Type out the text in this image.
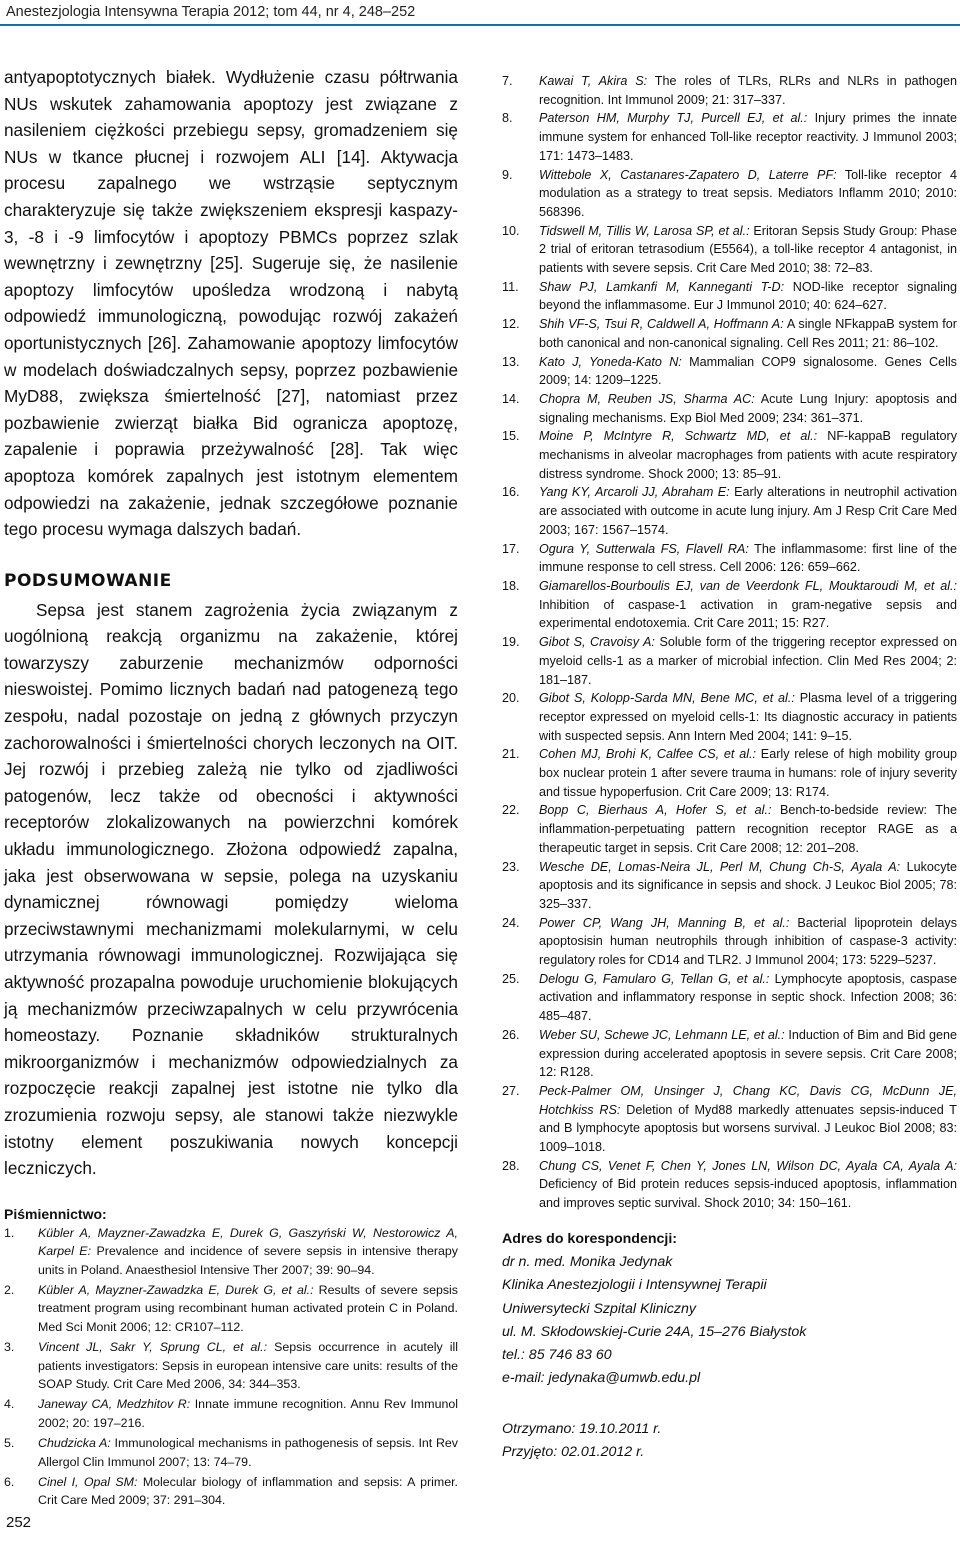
Anestezjologia Intensywna Terapia 2012; tom 44, nr 4, 248–252

antyapoptotycznych białek. Wydłużenie czasu półtrwania NUs wskutek zahamowania apoptozy jest związane z nasileniem ciężkości przebiegu sepsy, gromadzeniem się NUs w tkance płucnej i rozwojem ALI [14]. Aktywacja procesu zapalnego we wstrząsie septycznym charakteryzuje się także zwiększeniem ekspresji kaspazy-3, -8 i -9 limfocytów i apoptozy PBMCs poprzez szlak wewnętrzny i zewnętrzny [25]. Sugeruje się, że nasilenie apoptozy limfocytów upośledza wrodzoną i nabytą odpowiedź immunologiczną, powodując rozwój zakażeń oportunistycznych [26]. Zahamowanie apoptozy limfocytów w modelach doświadczalnych sepsy, poprzez pozbawienie MyD88, zwiększa śmiertelność [27], natomiast przez pozbawienie zwierząt białka Bid ogranicza apoptozę, zapalenie i poprawia przeżywalność [28]. Tak więc apoptoza komórek zapalnych jest istotnym elementem odpowiedzi na zakażenie, jednak szczegółowe poznanie tego procesu wymaga dalszych badań.

PODSUMOWANIE

Sepsa jest stanem zagrożenia życia związanym z uogólnioną reakcją organizmu na zakażenie, której towarzyszy zaburzenie mechanizmów odporności nieswoistej. Pomimo licznych badań nad patogenezą tego zespołu, nadal pozostaje on jedną z głównych przyczyn zachorowalności i śmiertelności chorych leczonych na OIT. Jej rozwój i przebieg zależą nie tylko od zjadliwości patogenów, lecz także od obecności i aktywności receptorów zlokalizowanych na powierzchni komórek układu immunologicznego. Złożona odpowiedź zapalna, jaka jest obserwowana w sepsie, polega na uzyskaniu dynamicznej równowagi pomiędzy wieloma przeciwstawnymi mechanizmami molekularnymi, w celu utrzymania równowagi immunologicznej. Rozwijająca się aktywność prozapalna powoduje uruchomienie blokujących ją mechanizmów przeciwzapalnych w celu przywrócenia homeostazy. Poznanie składników strukturalnych mikroorganizmów i mechanizmów odpowiedzialnych za rozpoczęcie reakcji zapalnej jest istotne nie tylko dla zrozumienia rozwoju sepsy, ale stanowi także niezwykle istotny element poszukiwania nowych koncepcji leczniczych.

Piśmiennictwo:
1.	Kübler A, Mayzner-Zawadzka E, Durek G, Gaszyński W, Nestorowicz A, Karpel E: Prevalence and incidence of severe sepsis in intensive therapy units in Poland. Anaesthesiol Intensive Ther 2007; 39: 90–94.
2.	Kübler A, Mayzner-Zawadzka E, Durek G, et al.: Results of severe sepsis treatment program using recombinant human activated protein C in Poland. Med Sci Monit 2006; 12: CR107–112.
3.	Vincent JL, Sakr Y, Sprung CL, et al.: Sepsis occurrence in acutely ill patients investigators: Sepsis in european intensive care units: results of the SOAP Study. Crit Care Med 2006, 34: 344–353.
4.	Janeway CA, Medzhitov R: Innate immune recognition. Annu Rev Immunol 2002; 20: 197–216.
5.	Chudzicka A: Immunological mechanisms in pathogenesis of sepsis. Int Rev Allergol Clin Immunol 2007; 13: 74–79.
6.	Cinel I, Opal SM: Molecular biology of inflammation and sepsis: A primer. Crit Care Med 2009; 37: 291–304.
7.	Kawai T, Akira S: The roles of TLRs, RLRs and NLRs in pathogen recognition. Int Immunol 2009; 21: 317–337.
8.	Paterson HM, Murphy TJ, Purcell EJ, et al.: Injury primes the innate immune system for enhanced Toll-like receptor reactivity. J Immunol 2003; 171: 1473–1483.
9.	Wittebole X, Castanares-Zapatero D, Laterre PF: Toll-like receptor 4 modulation as a strategy to treat sepsis. Mediators Inflamm 2010; 2010: 568396.
10.	Tidswell M, Tillis W, Larosa SP, et al.: Eritoran Sepsis Study Group: Phase 2 trial of eritoran tetrasodium (E5564), a toll-like receptor 4 antagonist, in patients with severe sepsis. Crit Care Med 2010; 38: 72–83.
11.	Shaw PJ, Lamkanfi M, Kanneganti T-D: NOD-like receptor signaling beyond the inflammasome. Eur J Immunol 2010; 40: 624–627.
12.	Shih VF-S, Tsui R, Caldwell A, Hoffmann A: A single NFkappaB system for both canonical and non-canonical signaling. Cell Res 2011; 21: 86–102.
13.	Kato J, Yoneda-Kato N: Mammalian COP9 signalosome. Genes Cells 2009; 14: 1209–1225.
14.	Chopra M, Reuben JS, Sharma AC: Acute Lung Injury: apoptosis and signaling mechanisms. Exp Biol Med 2009; 234: 361–371.
15.	Moine P, McIntyre R, Schwartz MD, et al.: NF-kappaB regulatory mechanisms in alveolar macrophages from patients with acute respiratory distress syndrome. Shock 2000; 13: 85–91.
16.	Yang KY, Arcaroli JJ, Abraham E: Early alterations in neutrophil activation are associated with outcome in acute lung injury. Am J Resp Crit Care Med 2003; 167: 1567–1574.
17.	Ogura Y, Sutterwala FS, Flavell RA: The inflammasome: first line of the immune response to cell stress. Cell 2006: 126: 659–662.
18.	Giamarellos-Bourboulis EJ, van de Veerdonk FL, Mouktaroudi M, et al.: Inhibition of caspase-1 activation in gram-negative sepsis and experimental endotoxemia. Crit Care 2011; 15: R27.
19.	Gibot S, Cravoisy A: Soluble form of the triggering receptor expressed on myeloid cells-1 as a marker of microbial infection. Clin Med Res 2004; 2: 181–187.
20.	Gibot S, Kolopp-Sarda MN, Bene MC, et al.: Plasma level of a triggering receptor expressed on myeloid cells-1: Its diagnostic accuracy in patients with suspected sepsis. Ann Intern Med 2004; 141: 9–15.
21.	Cohen MJ, Brohi K, Calfee CS, et al.: Early relese of high mobility group box nuclear protein 1 after severe trauma in humans: role of injury severity and tissue hypoperfusion. Crit Care 2009; 13: R174.
22.	Bopp C, Bierhaus A, Hofer S, et al.: Bench-to-bedside review: The inflammation-perpetuating pattern recognition receptor RAGE as a therapeutic target in sepsis. Crit Care 2008; 12: 201–208.
23.	Wesche DE, Lomas-Neira JL, Perl M, Chung Ch-S, Ayala A: Lukocyte apoptosis and its significance in sepsis and shock. J Leukoc Biol 2005; 78: 325–337.
24.	Power CP, Wang JH, Manning B, et al.: Bacterial lipoprotein delays apoptosisin human neutrophils through inhibition of caspase-3 activity: regulatory roles for CD14 and TLR2. J Immunol 2004; 173: 5229–5237.
25.	Delogu G, Famularo G, Tellan G, et al.: Lymphocyte apoptosis, caspase activation and inflammatory response in septic shock. Infection 2008; 36: 485–487.
26.	Weber SU, Schewe JC, Lehmann LE, et al.: Induction of Bim and Bid gene expression during accelerated apoptosis in severe sepsis. Crit Care 2008; 12: R128.
27.	Peck-Palmer OM, Unsinger J, Chang KC, Davis CG, McDunn JE, Hotchkiss RS: Deletion of Myd88 markedly attenuates sepsis-induced T and B lymphocyte apoptosis but worsens survival. J Leukoc Biol 2008; 83: 1009–1018.
28.	Chung CS, Venet F, Chen Y, Jones LN, Wilson DC, Ayala CA, Ayala A: Deficiency of Bid protein reduces sepsis-induced apoptosis, inflammation and improves septic survival. Shock 2010; 34: 150–161.
Adres do korespondencji:
dr n. med. Monika Jedynak
Klinika Anestezjologii i Intensywnej Terapii
Uniwersytecki Szpital Kliniczny
ul. M. Skłodowskiej-Curie 24A, 15–276 Białystok
tel.: 85 746 83 60
e-mail: jedynaka@umwb.edu.pl
Otrzymano: 19.10.2011 r.
Przyjęto: 02.01.2012 r.
252
